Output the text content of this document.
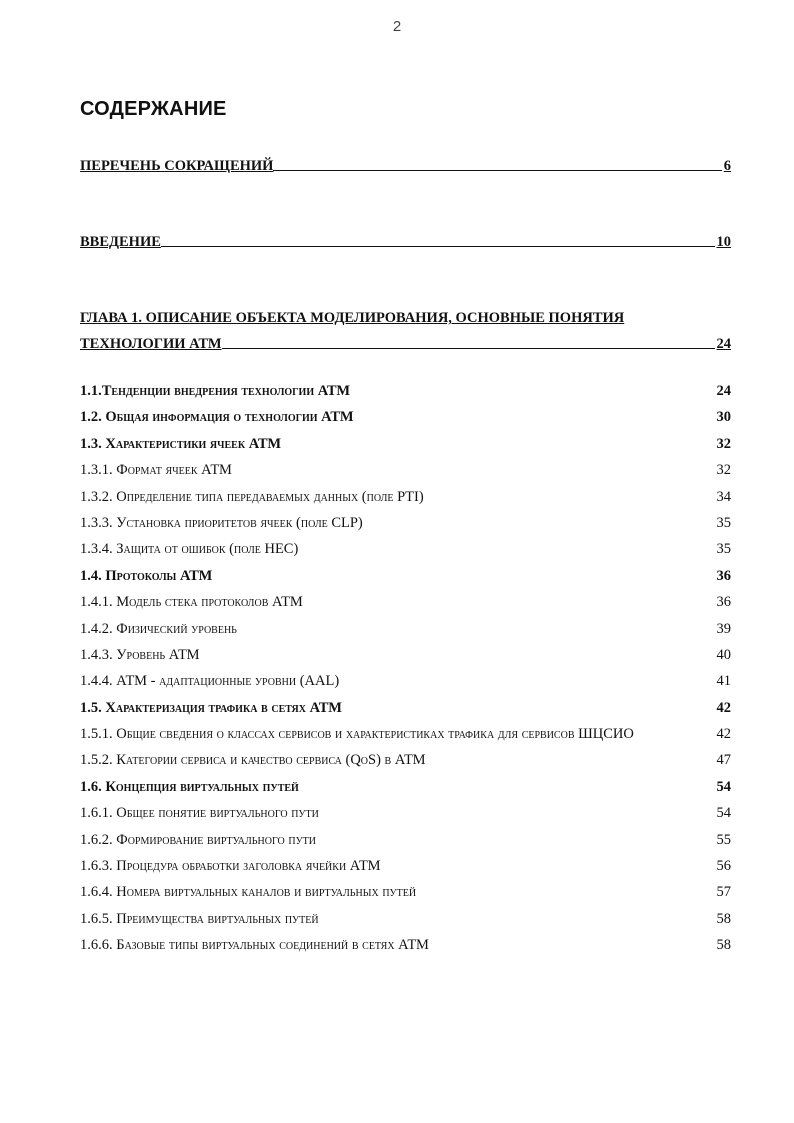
2
СОДЕРЖАНИЕ
ПЕРЕЧЕНЬ СОКРАЩЕНИЙ	6
ВВЕДЕНИЕ	10
ГЛАВА 1. ОПИСАНИЕ ОБЪЕКТА МОДЕЛИРОВАНИЯ, ОСНОВНЫЕ ПОНЯТИЯ
ТЕХНОЛОГИИ АТМ	24
1.1.Тенденции внедрения технологии АТМ	24
1.2. Общая информация о технологии АТМ	30
1.3. Характеристики ячеек АТМ	32
1.3.1. Формат ячеек АТМ	32
1.3.2. Определение типа передаваемых данных (поле PTI)	34
1.3.3. Установка приоритетов ячеек (поле CLP)	35
1.3.4. Защита от ошибок (поле HEC)	35
1.4. Протоколы АТМ	36
1.4.1. Модель стека протоколов АТМ	36
1.4.2. Физический уровень	39
1.4.3. Уровень АТМ	40
1.4.4. АТМ - адаптационные уровни (AAL)	41
1.5. Характеризация трафика в сетях АТМ	42
1.5.1. Общие сведения о классах сервисов и характеристиках трафика для сервисов ШЦСИО	42
1.5.2. Категории сервиса и качество сервиса (QoS) в АТМ	47
1.6. Концепция виртуальных путей	54
1.6.1. Общее понятие виртуального пути	54
1.6.2. Формирование виртуального пути	55
1.6.3. Процедура обработки заголовка ячейки АТМ	56
1.6.4. Номера виртуальных каналов и виртуальных путей	57
1.6.5. Преимущества виртуальных путей	58
1.6.6. Базовые типы виртуальных соединений в сетях АТМ	58
